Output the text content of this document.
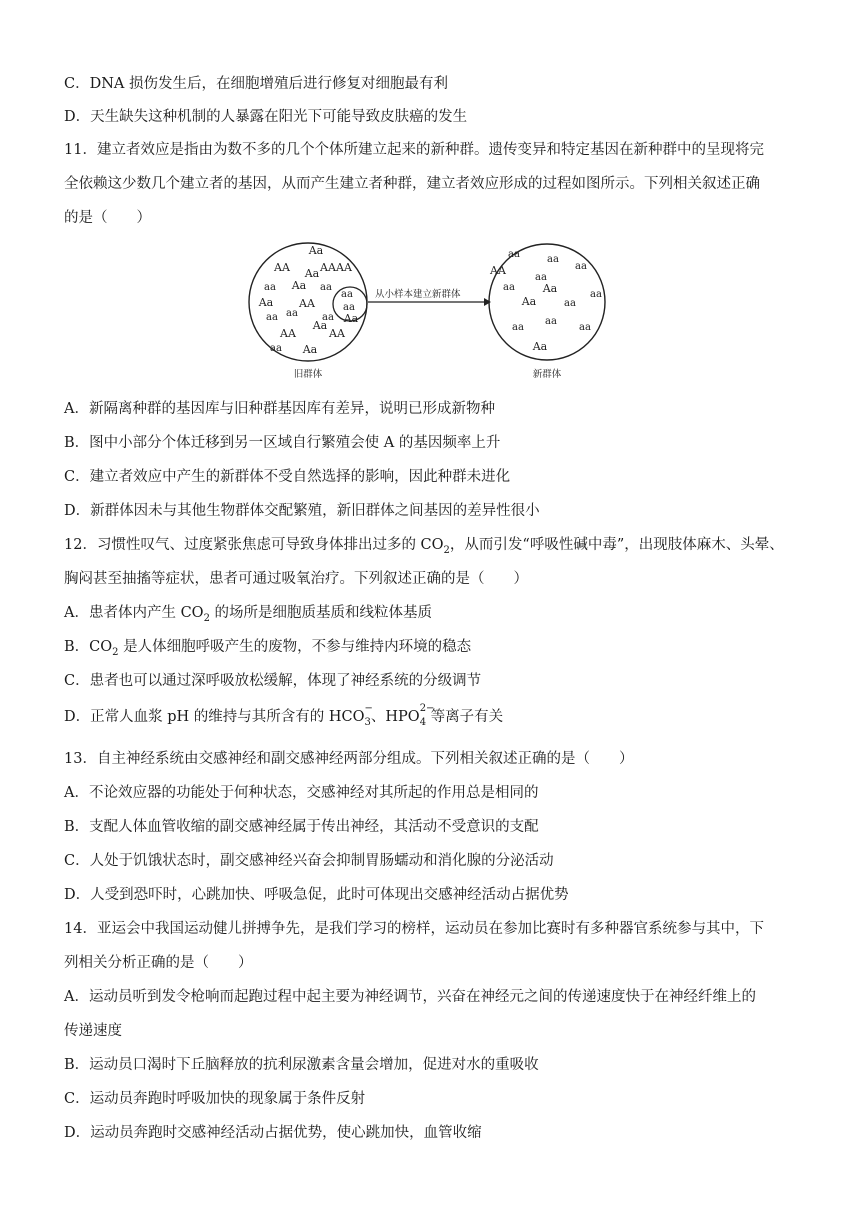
C．DNA 损伤发生后，在细胞增殖后进行修复对细胞最有利
D．天生缺失这种机制的人暴露在阳光下可能导致皮肤癌的发生
11．建立者效应是指由为数不多的几个个体所建立起来的新种群。遗传变异和特定基因在新种群中的呈现将完
全依赖这少数几个建立者的基因，从而产生建立者种群，建立者效应形成的过程如图所示。下列相关叙述正确
的是（　　）
Aa
AA Aa AA AA
aa Aa aa
Aa AA
aa
aa	aa
Aa
AA	AA
aa Aa
aa
aa
Aa
aa	aa
AA
aa
aa
aa	Aa
Aa	aa
aa
aa
aa
aa
Aa
从小样本建立新群体
旧群体	新群体
A．新隔离种群的基因库与旧种群基因库有差异，说明已形成新物种
B．图中小部分个体迁移到另一区域自行繁殖会使 A 的基因频率上升
C．建立者效应中产生的新群体不受自然选择的影响，因此种群未进化
D．新群体因未与其他生物群体交配繁殖，新旧群体之间基因的差异性很小
12．习惯性叹气、过度紧张焦虑可导致身体排出过多的 $CO_2$，从而引发“呼吸性碱中毒”，出现肢体麻木、头晕、
胸闷甚至抽搐等症状，患者可通过吸氧治疗。下列叙述正确的是（　　）
A．患者体内产生 $CO_2$ 的场所是细胞质基质和线粒体基质
B．$CO_2$ 是人体细胞呼吸产生的废物，不参与维持内环境的稳态
C．患者也可以通过深呼吸放松缓解，体现了神经系统的分级调节
D．正常人血浆 pH 的维持与其所含有的 HCO
−
$_3$、HPO
2−
$_4$ 等离子有关
13．自主神经系统由交感神经和副交感神经两部分组成。下列相关叙述正确的是（　　）
A．不论效应器的功能处于何种状态，交感神经对其所起的作用总是相同的
B．支配人体血管收缩的副交感神经属于传出神经，其活动不受意识的支配
C．人处于饥饿状态时，副交感神经兴奋会抑制胃肠蠕动和消化腺的分泌活动
D．人受到恐吓时，心跳加快、呼吸急促，此时可体现出交感神经活动占据优势
14．亚运会中我国运动健儿拼搏争先，是我们学习的榜样，运动员在参加比赛时有多种器官系统参与其中，下
列相关分析正确的是（　　）
A．运动员听到发令枪响而起跑过程中起主要为神经调节，兴奋在神经元之间的传递速度快于在神经纤维上的
传递速度
B．运动员口渴时下丘脑释放的抗利尿激素含量会增加，促进对水的重吸收
C．运动员奔跑时呼吸加快的现象属于条件反射
D．运动员奔跑时交感神经活动占据优势，使心跳加快，血管收缩
